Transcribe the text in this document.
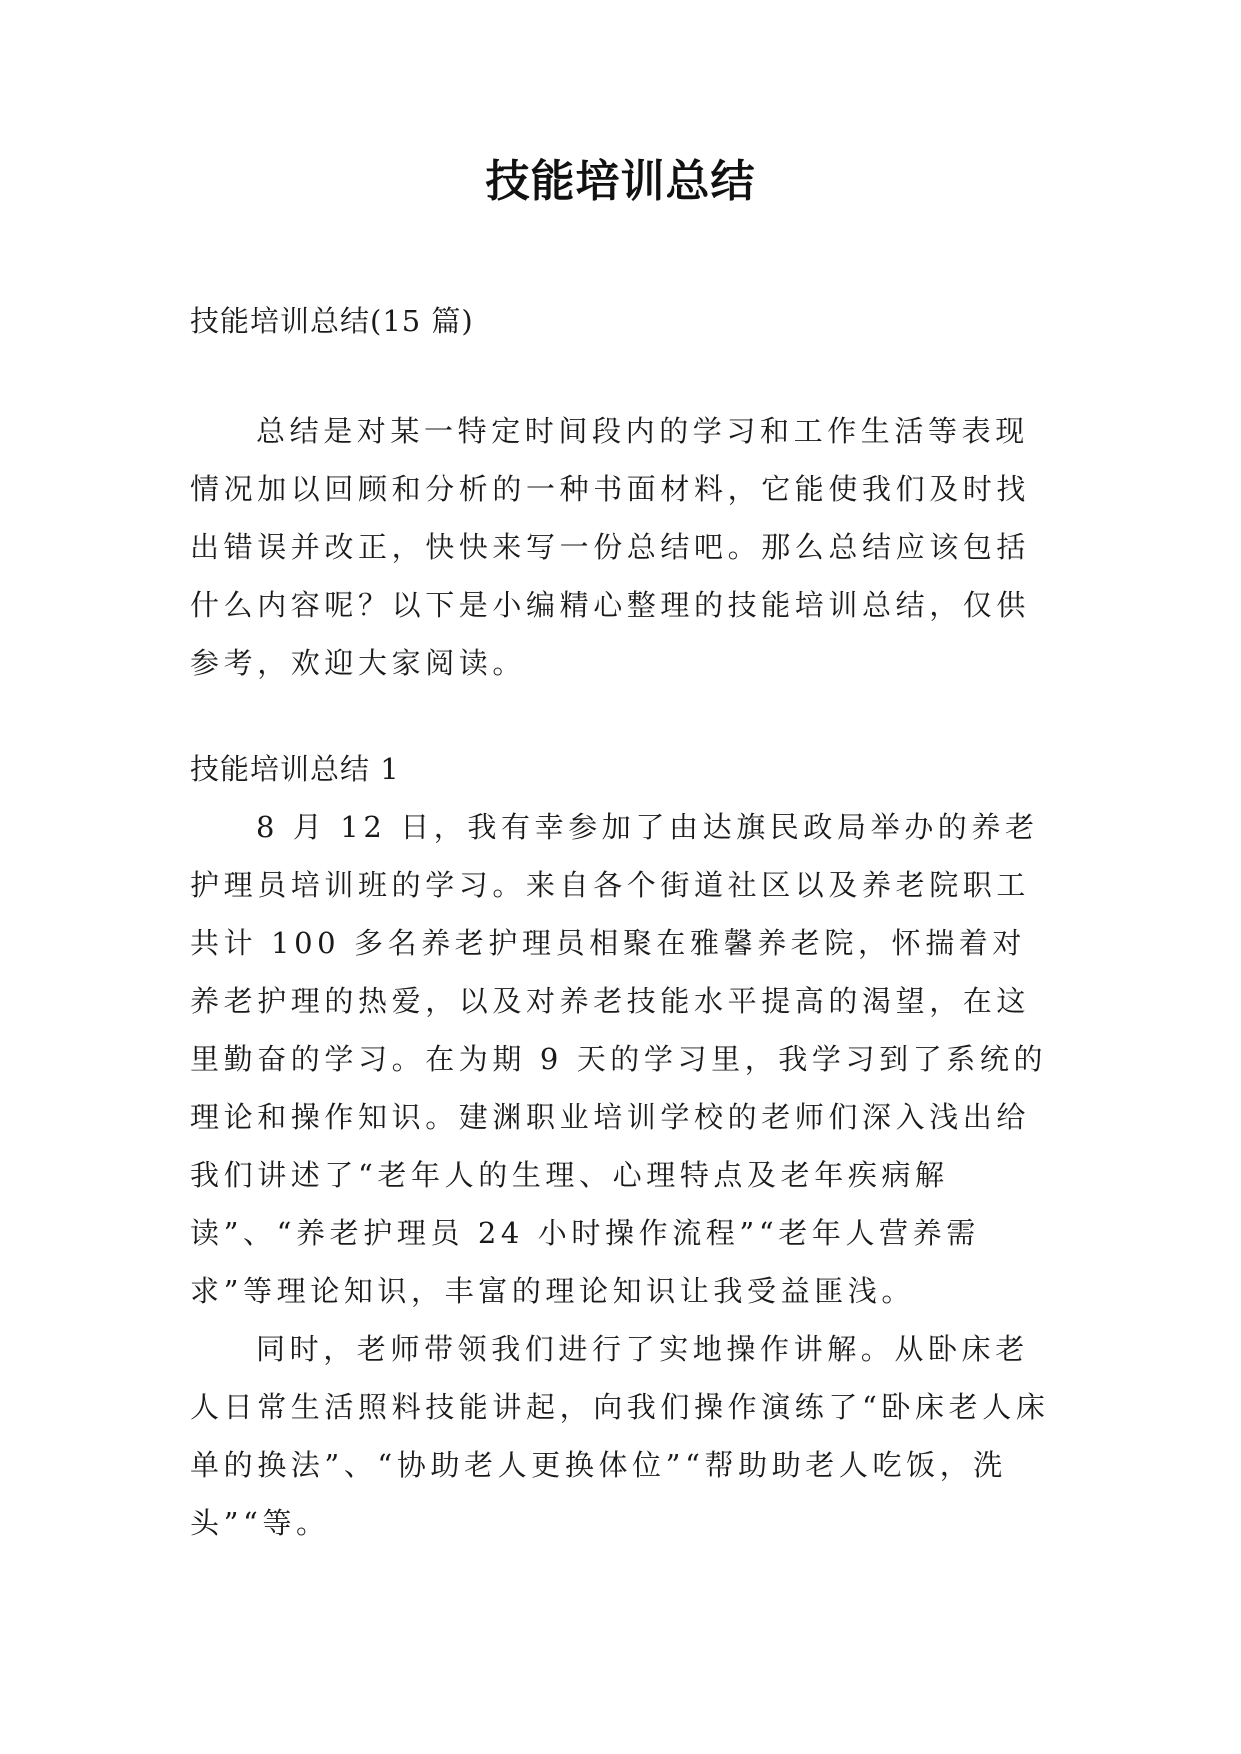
技能培训总结

技能培训总结(15 篇)

总结是对某一特定时间段内的学习和工作生活等表现情况加以回顾和分析的一种书面材料，它能使我们及时找出错误并改正，快快来写一份总结吧。那么总结应该包括什么内容呢？以下是小编精心整理的技能培训总结，仅供参考，欢迎大家阅读。

技能培训总结 1

8 月 12 日，我有幸参加了由达旗民政局举办的养老护理员培训班的学习。来自各个街道社区以及养老院职工共计 100 多名养老护理员相聚在雅馨养老院，怀揣着对养老护理的热爱，以及对养老技能水平提高的渴望，在这里勤奋的学习。在为期 9 天的学习里，我学习到了系统的理论和操作知识。建渊职业培训学校的老师们深入浅出给我们讲述了“老年人的生理、心理特点及老年疾病解读”、“养老护理员 24 小时操作流程”“老年人营养需求”等理论知识，丰富的理论知识让我受益匪浅。

同时，老师带领我们进行了实地操作讲解。从卧床老人日常生活照料技能讲起，向我们操作演练了“卧床老人床单的换法”、“协助老人更换体位”“帮助助老人吃饭，洗头”“等。
